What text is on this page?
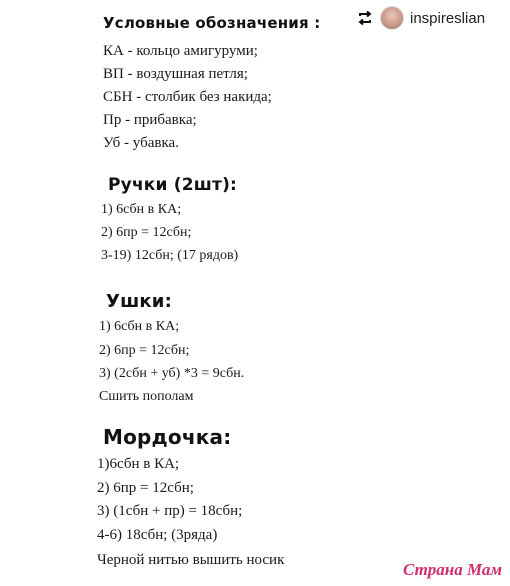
inspireslian
Условные обозначения :
КА - кольцо амигуруми;
ВП - воздушная петля;
СБН - столбик без накида;
Пр - прибавка;
Уб - убавка.
Ручки (2шт):
1) 6сбн в КА;
2) 6пр = 12сбн;
3-19) 12сбн; (17 рядов)
Ушки:
1) 6сбн в КА;
2) 6пр = 12сбн;
3) (2сбн + уб) *3 = 9сбн.
Сшить пополам
Мордочка:
1)6сбн в КА;
2) 6пр = 12сбн;
3) (1сбн + пр) = 18сбн;
4-6) 18сбн; (3ряда)
Черной нитью вышить носик	Страна Мам
